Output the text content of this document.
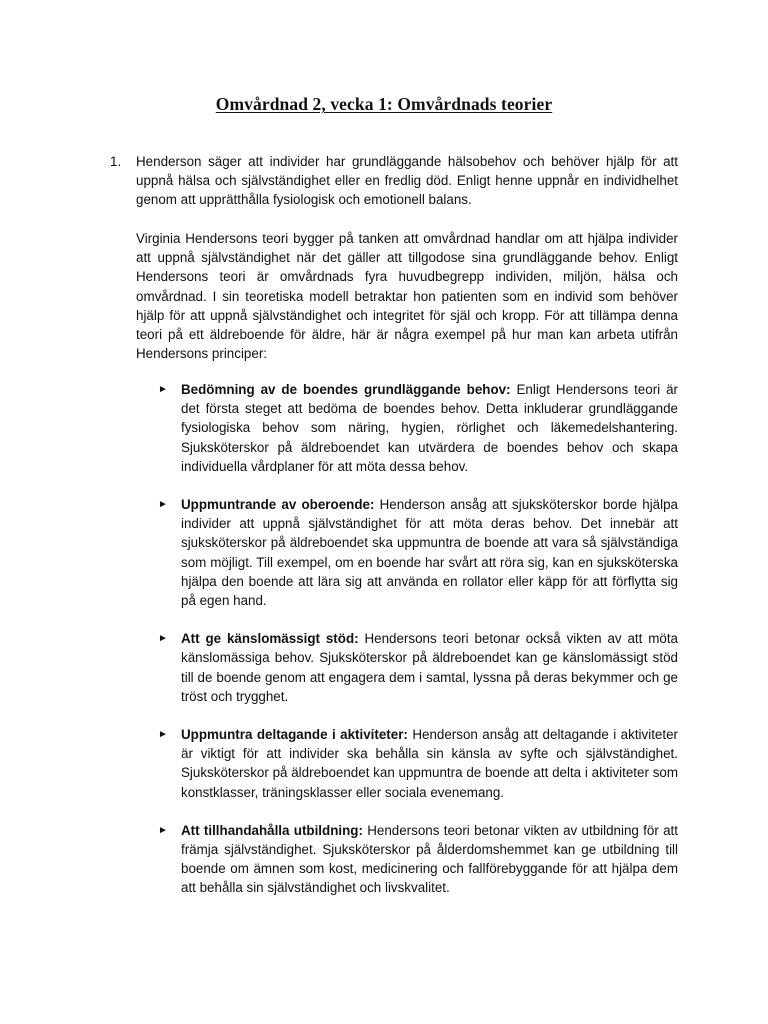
Omvårdnad 2, vecka 1: Omvårdnads teorier
1. Henderson säger att individer har grundläggande hälsobehov och behöver hjälp för att uppnå hälsa och självständighet eller en fredlig död. Enligt henne uppnår en individhelhet genom att upprätthålla fysiologisk och emotionell balans.
Virginia Hendersons teori bygger på tanken att omvårdnad handlar om att hjälpa individer att uppnå självständighet när det gäller att tillgodose sina grundläggande behov. Enligt Hendersons teori är omvårdnads fyra huvudbegrepp individen, miljön, hälsa och omvårdnad. I sin teoretiska modell betraktar hon patienten som en individ som behöver hjälp för att uppnå självständighet och integritet för själ och kropp. För att tillämpa denna teori på ett äldreboende för äldre, här är några exempel på hur man kan arbeta utifrån Hendersons principer:
► Bedömning av de boendes grundläggande behov: Enligt Hendersons teori är det första steget att bedöma de boendes behov. Detta inkluderar grundläggande fysiologiska behov som näring, hygien, rörlighet och läkemedelshantering. Sjuksköterskor på äldreboendet kan utvärdera de boendes behov och skapa individuella vårdplaner för att möta dessa behov.
► Uppmuntrande av oberoende: Henderson ansåg att sjuksköterskor borde hjälpa individer att uppnå självständighet för att möta deras behov. Det innebär att sjuksköterskor på äldreboendet ska uppmuntra de boende att vara så självständiga som möjligt. Till exempel, om en boende har svårt att röra sig, kan en sjuksköterska hjälpa den boende att lära sig att använda en rollator eller käpp för att förflytta sig på egen hand.
► Att ge känslomässigt stöd: Hendersons teori betonar också vikten av att möta känslomässiga behov. Sjuksköterskor på äldreboendet kan ge känslomässigt stöd till de boende genom att engagera dem i samtal, lyssna på deras bekymmer och ge tröst och trygghet.
► Uppmuntra deltagande i aktiviteter: Henderson ansåg att deltagande i aktiviteter är viktigt för att individer ska behålla sin känsla av syfte och självständighet. Sjuksköterskor på äldreboendet kan uppmuntra de boende att delta i aktiviteter som konstklasser, träningsklasser eller sociala evenemang.
► Att tillhandahålla utbildning: Hendersons teori betonar vikten av utbildning för att främja självständighet. Sjuksköterskor på ålderdomshemmet kan ge utbildning till boende om ämnen som kost, medicinering och fallförebyggande för att hjälpa dem att behålla sin självständighet och livskvalitet.
